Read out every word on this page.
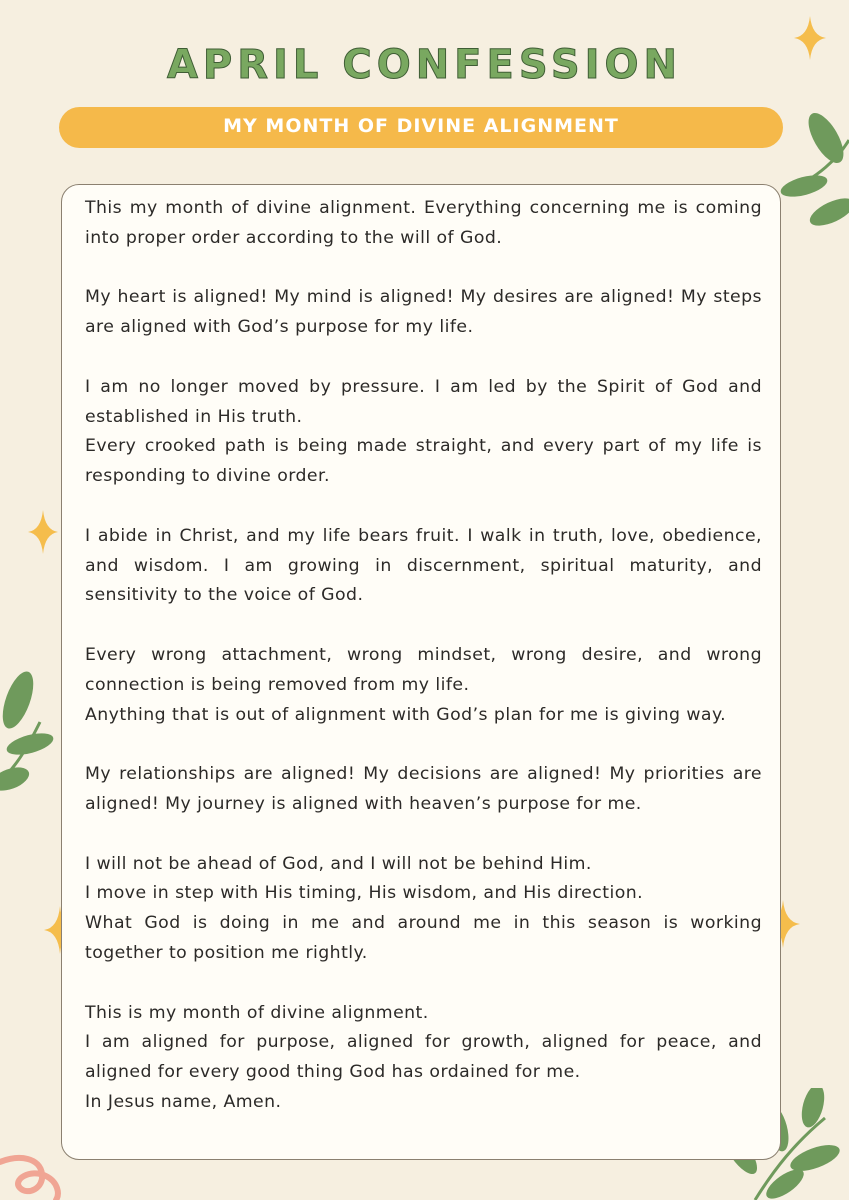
APRIL CONFESSION
MY MONTH OF DIVINE ALIGNMENT

This my month of divine alignment. Everything concerning me is coming into proper order according to the will of God.

My heart is aligned! My mind is aligned! My desires are aligned! My steps are aligned with God’s purpose for my life.

I am no longer moved by pressure. I am led by the Spirit of God and established in His truth.

Every crooked path is being made straight, and every part of my life is responding to divine order.

I abide in Christ, and my life bears fruit. I walk in truth, love, obedience, and wisdom. I am growing in discernment, spiritual maturity, and sensitivity to the voice of God.

Every wrong attachment, wrong mindset, wrong desire, and wrong connection is being removed from my life.

Anything that is out of alignment with God’s plan for me is giving way.

My relationships are aligned! My decisions are aligned! My priorities are aligned! My journey is aligned with heaven’s purpose for me.

I will not be ahead of God, and I will not be behind Him.

I move in step with His timing, His wisdom, and His direction.

What God is doing in me and around me in this season is working together to position me rightly.

This is my month of divine alignment.

I am aligned for purpose, aligned for growth, aligned for peace, and aligned for every good thing God has ordained for me.

In Jesus name, Amen.
